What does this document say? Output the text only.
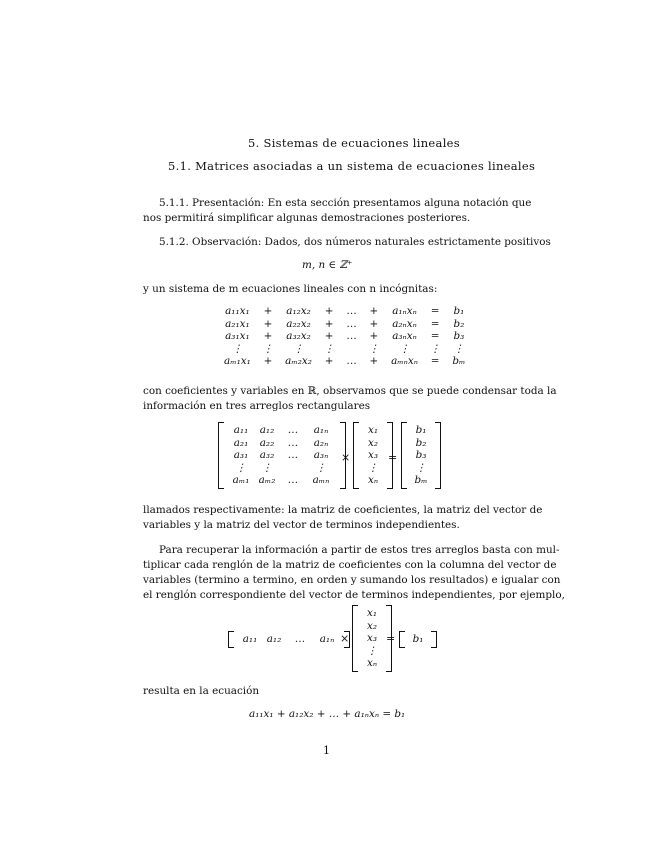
5. Sistemas de ecuaciones lineales
5.1. Matrices asociadas a un sistema de ecuaciones lineales
5.1.1. Presentación: En esta sección presentamos alguna notación que
nos permitirá simplificar algunas demostraciones posteriores.
5.1.2. Observación: Dados, dos números naturales estrictamente positivos
m, n ∈ ℤ⁺
y un sistema de m ecuaciones lineales con n incógnitas:
a₁₁x₁	+	a₁₂x₂	+	…	+	a₁ₙxₙ	=	b₁
a₂₁x₁	+	a₂₂x₂	+	…	+	a₂ₙxₙ	=	b₂
a₃₁x₁	+	a₃₂x₂	+	…	+	a₃ₙxₙ	=	b₃
⋮	⋮	⋮	⋮		⋮	⋮	⋮	⋮
aₘ₁x₁	+	aₘ₂x₂	+	…	+	aₘₙxₙ	=	bₘ
con coeficientes y variables en ℝ, observamos que se puede condensar toda la
información en tres arreglos rectangulares
a₁₁	a₁₂	…	a₁ₙ
a₂₁	a₂₂	…	a₂ₙ
a₃₁	a₃₂	…	a₃ₙ
⋮	⋮	⋮
aₘ₁ aₘ₂	…	aₘₙ
×
x₁
x₂
x₃
⋮
xₙ
=
b₁
b₂
b₃
⋮
bₘ
llamados respectivamente: la matriz de coeficientes, la matriz del vector de
variables y la matriz del vector de terminos independientes.
Para recuperar la información a partir de estos tres arreglos basta con mul-
tiplicar cada renglón de la matriz de coeficientes con la columna del vector de
variables (termino a termino, en orden y sumando los resultados) e igualar con
el renglón correspondiente del vector de terminos independientes, por ejemplo,
a₁₁ a₁₂	…	a₁ₙ ×
x₁
x₂
x₃
⋮
xₙ
=	b₁
resulta en la ecuación
a₁₁x₁ + a₁₂x₂ + … + a₁ₙxₙ = b₁
1
